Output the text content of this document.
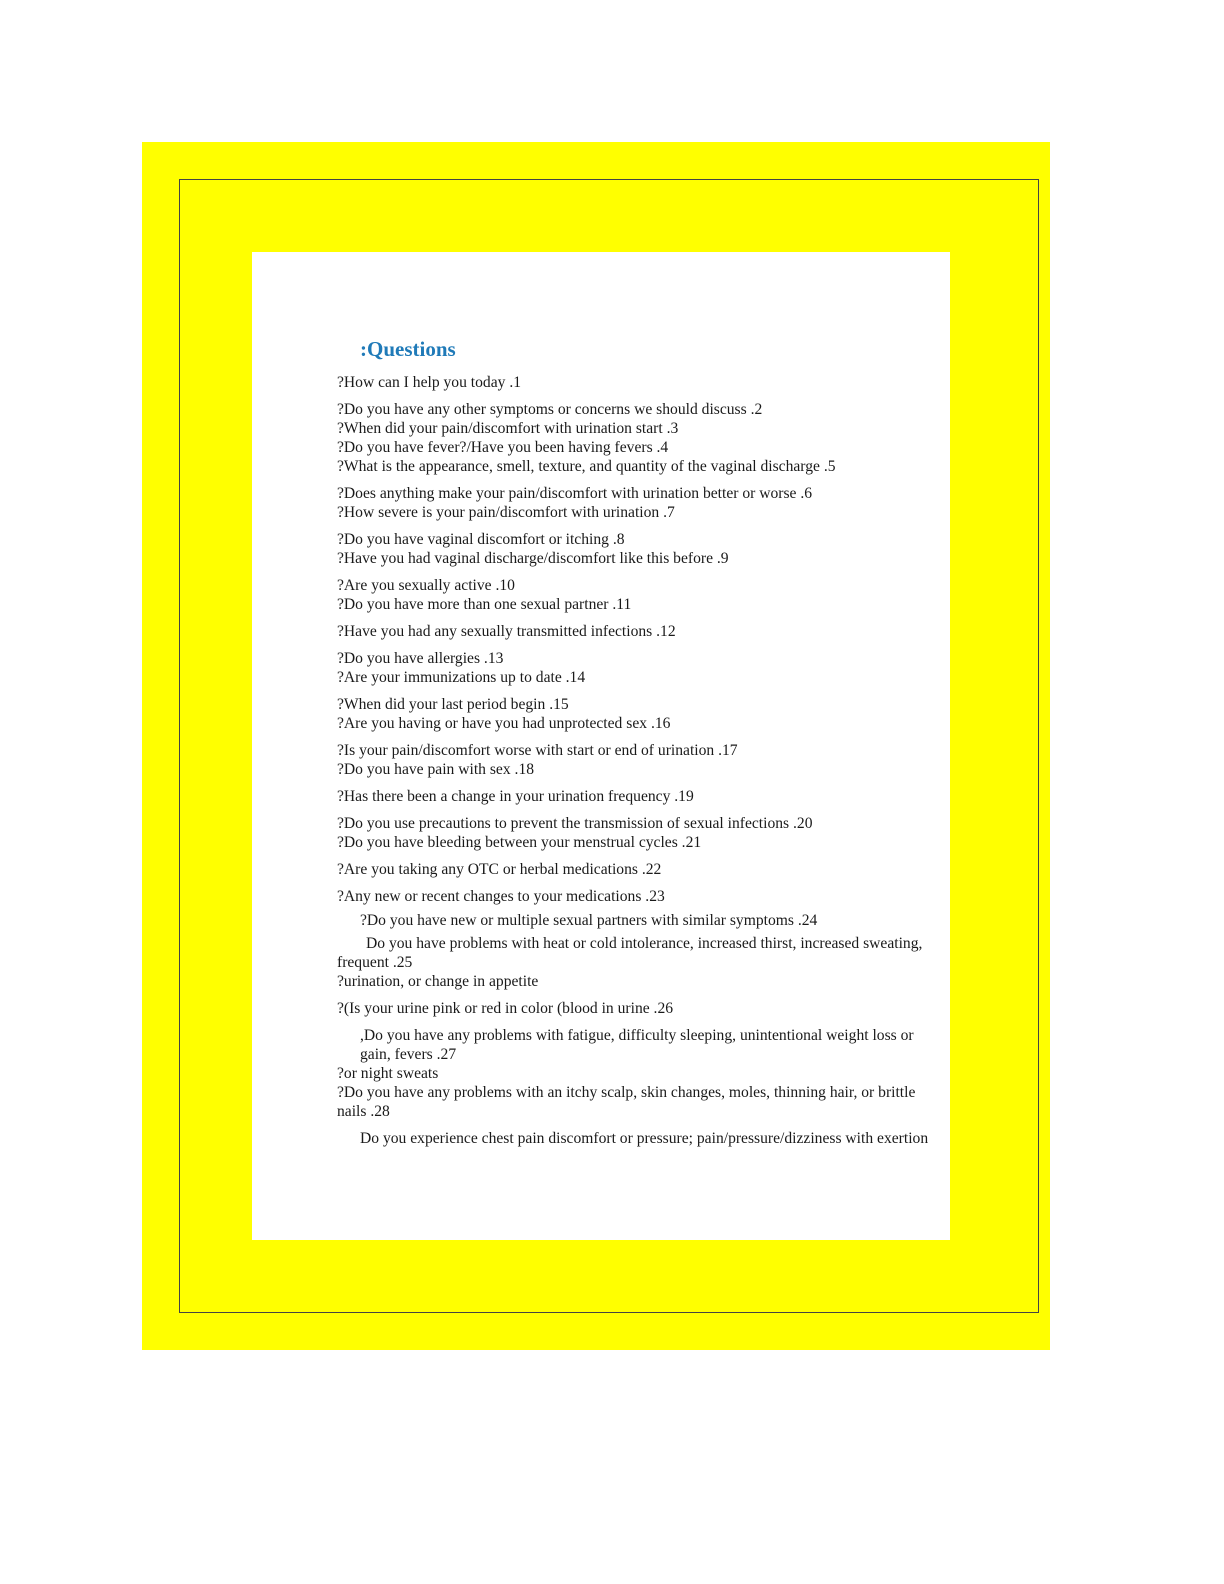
:Questions

?How can I help you today .1

?Do you have any other symptoms or concerns we should discuss .2

?When did your pain/discomfort with urination start .3

?Do you have fever?/Have you been having fevers .4

?What is the appearance, smell, texture, and quantity of the vaginal discharge .5

?Does anything make your pain/discomfort with urination better or worse .6

?How severe is your pain/discomfort with urination .7

?Do you have vaginal discomfort or itching .8

?Have you had vaginal discharge/discomfort like this before .9

?Are you sexually active .10

?Do you have more than one sexual partner .11

?Have you had any sexually transmitted infections .12

?Do you have allergies .13

?Are your immunizations up to date .14

?When did your last period begin .15

?Are you having or have you had unprotected sex .16

?Is your pain/discomfort worse with start or end of urination .17

?Do you have pain with sex .18

?Has there been a change in your urination frequency .19

?Do you use precautions to prevent the transmission of sexual infections .20

?Do you have bleeding between your menstrual cycles .21

?Are you taking any OTC or herbal medications .22

?Any new or recent changes to your medications .23

?Do you have new or multiple sexual partners with similar symptoms .24

Do you have problems with heat or cold intolerance, increased thirst, increased sweating,

frequent .25

?urination, or change in appetite

?(Is your urine pink or red in color (blood in urine .26

,Do you have any problems with fatigue, difficulty sleeping, unintentional weight loss or

gain, fevers .27

?or night sweats

?Do you have any problems with an itchy scalp, skin changes, moles, thinning hair, or brittle

nails .28

Do you experience chest pain discomfort or pressure; pain/pressure/dizziness with exertion
